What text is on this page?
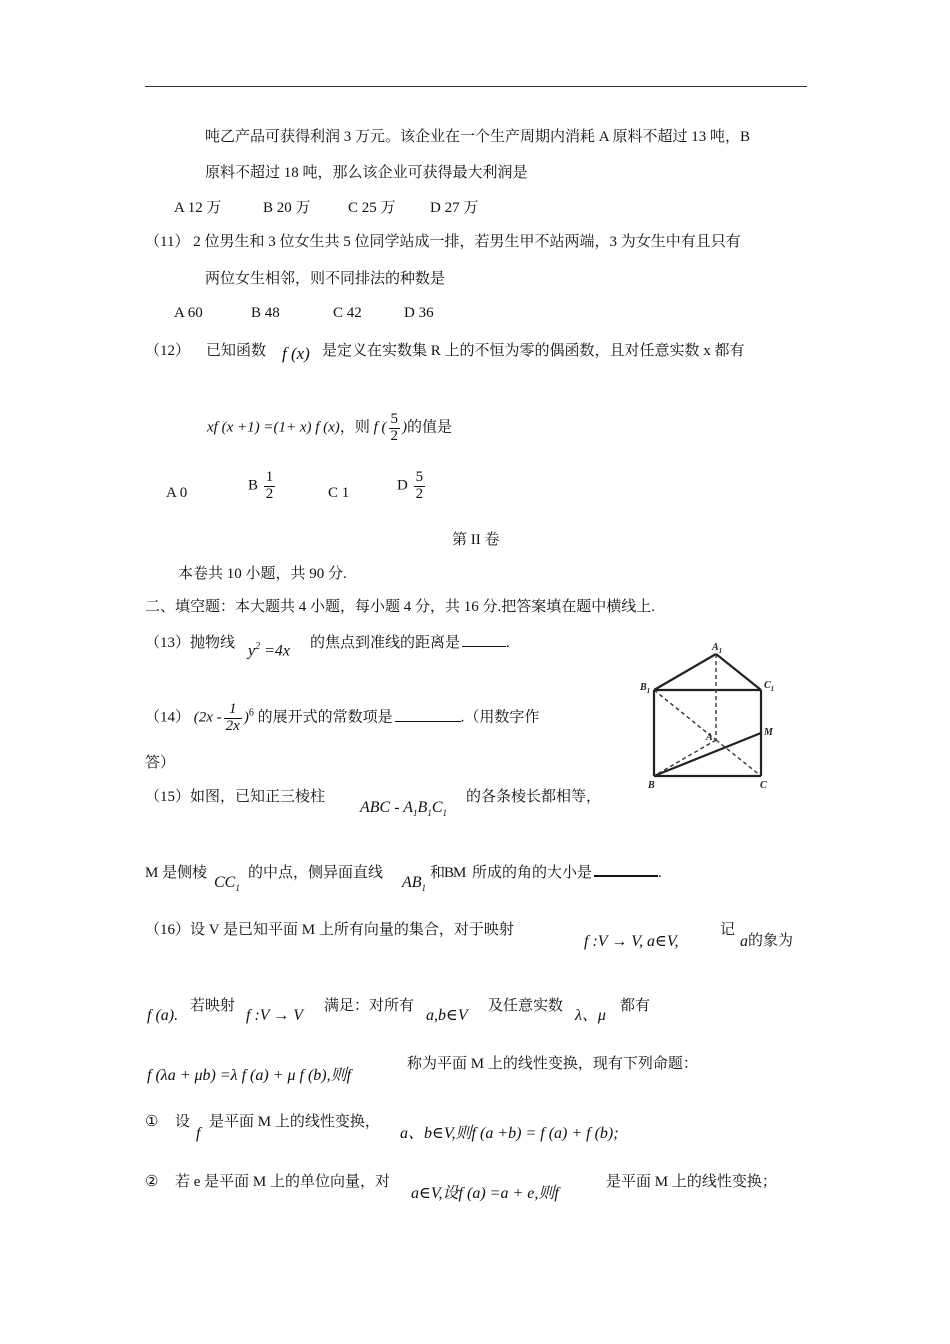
吨乙产品可获得利润 3 万元。该企业在一个生产周期内消耗 A 原料不超过 13 吨，B
原料不超过 18 吨，那么该企业可获得最大利润是
A 12 万	B 20 万 C 25 万 D 27 万
（11） 2 位男生和 3 位女生共 5 位同学站成一排，若男生甲不站两端，3 为女生中有且只有
两位女生相邻，则不同排法的种数是
A 60	B 48	C 42	D 36
（12） 已知函数 f (x) 是定义在实数集 R 上的不恒为零的偶函数，且对任意实数 x 都有
xf (x +1) =(1+ x) f (x)，则 f ( $\frac{5}{2}$ )的值是
A 0	B $\frac{1}{2}$	C 1	D $\frac{5}{2}$
第 II 卷
本卷共 10 小题，共 90 分.
二、填空题：本大题共 4 小题，每小题 4 分，共 16 分.把答案填在题中横线上.
（13）抛物线 $y^2 =4x$ 的焦点到准线的距离是	.
（14） $(2x - \frac{1}{2x} )^6$ 的展开式的常数项是	.（用数字作
答）
（15）如图，已知正三棱柱
ABC - $A_1B_1C_1$
的各条棱长都相等，
M 是侧棱
$CC_1$
的中点，侧异面直线
$AB_1$
和BM 所成的角的大小是	.
$A_1$
$B_1$	$C_1$
A	M
B	C
（16）设 V 是已知平面 M 上所有向量的集合，对于映射
f :V → V, a∈V,
记
a 的象为
f (a).
若映射
f :V → V
满足：对所有
a,b∈V
及任意实数
λ、μ
都有
f (λa + μb) =λ f (a) + μ f (b),则f
称为平面 M 上的线性变换，现有下列命题：
① 设
f
是平面 M 上的线性变换，
a、b∈V,则f (a +b) = f (a) + f (b);
② 若 e 是平面 M 上的单位向量，对
a∈V,设f (a) =a + e,则f
是平面 M 上的线性变换；
